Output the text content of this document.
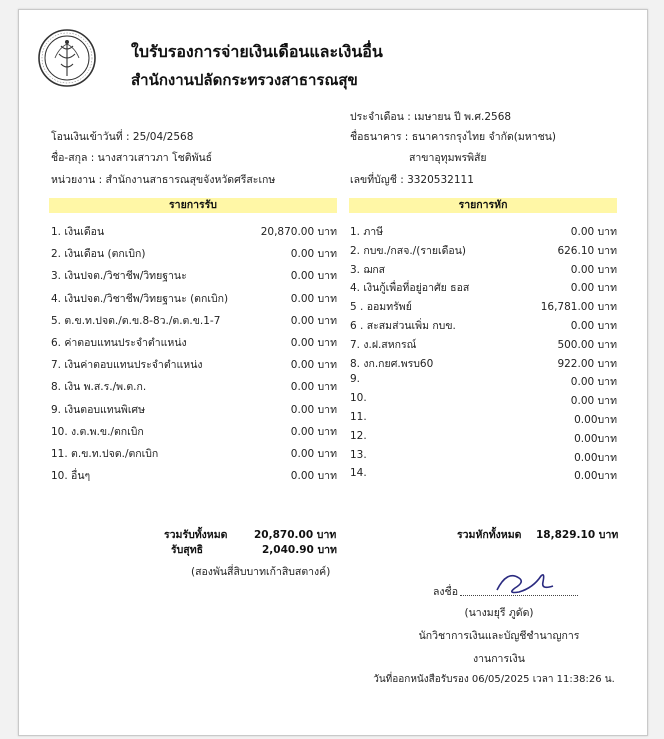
ใบรับรองการจ่ายเงินเดือนและเงินอื่น
สำนักงานปลัดกระทรวงสาธารณสุข
ประจำเดือน : เมษายน ปี พ.ศ.2568
ชื่อธนาคาร : ธนาคารกรุงไทย จำกัด(มหาชน)
สาขาอุทุมพรพิสัย
เลขที่บัญชี : 3320532111
โอนเงินเข้าวันที่ : 25/04/2568
ชื่อ-สกุล : นางสาวเสาวภา โชติพันธ์
หน่วยงาน : สำนักงานสาธารณสุขจังหวัดศรีสะเกษ
รายการรับ	รายการหัก
1. เงินเดือน	20,870.00 บาท
2. เงินเดือน (ตกเบิก)	0.00 บาท
3. เงินปจต./วิชาชีพ/วิทยฐานะ	0.00 บาท
4. เงินปจต./วิชาชีพ/วิทยฐานะ (ตกเบิก)	0.00 บาท
5. ต.ข.ท.ปจต./ต.ข.8-8ว./ต.ต.ข.1-7	0.00 บาท
6. ค่าตอบแทนประจำตำแหน่ง	0.00 บาท
7. เงินค่าตอบแทนประจำตำแหน่ง	0.00 บาท
8. เงิน พ.ส.ร./พ.ต.ก.	0.00 บาท
9. เงินตอบแทนพิเศษ	0.00 บาท
10. ง.ต.พ.ข./ตกเบิก	0.00 บาท
11. ต.ข.ท.ปจต./ตกเบิก	0.00 บาท
10. อื่นๆ	0.00 บาท
1. ภาษี	0.00 บาท
2. กบข./กสจ./(รายเดือน)	626.10 บาท
3. ฌกส	0.00 บาท
4. เงินกู้เพื่อที่อยู่อาศัย ธอส	0.00 บาท
5 . ออมทรัพย์	16,781.00 บาท
6 . สะสมส่วนเพิ่ม กบข.	0.00 บาท
7. ง.ฝ.สหกรณ์	500.00 บาท
8. งก.กยศ.พรบ60	922.00 บาท
9.	0.00 บาท
10.	0.00 บาท
11.	0.00บาท
12.	0.00บาท
13.	0.00บาท
14.	0.00บาท
รวมรับทั้งหมด	20,870.00 บาท
รับสุทธิ	2,040.90 บาท
(สองพันสี่สิบบาทเก้าสิบสตางค์)
รวมหักทั้งหมด 18,829.10 บาท
ลงชื่อ
(นางมยุรี ภูดัด)
นักวิชาการเงินและบัญชีชำนาญการ
งานการเงิน
วันที่ออกหนังสือรับรอง 06/05/2025 เวลา 11:38:26 น.
